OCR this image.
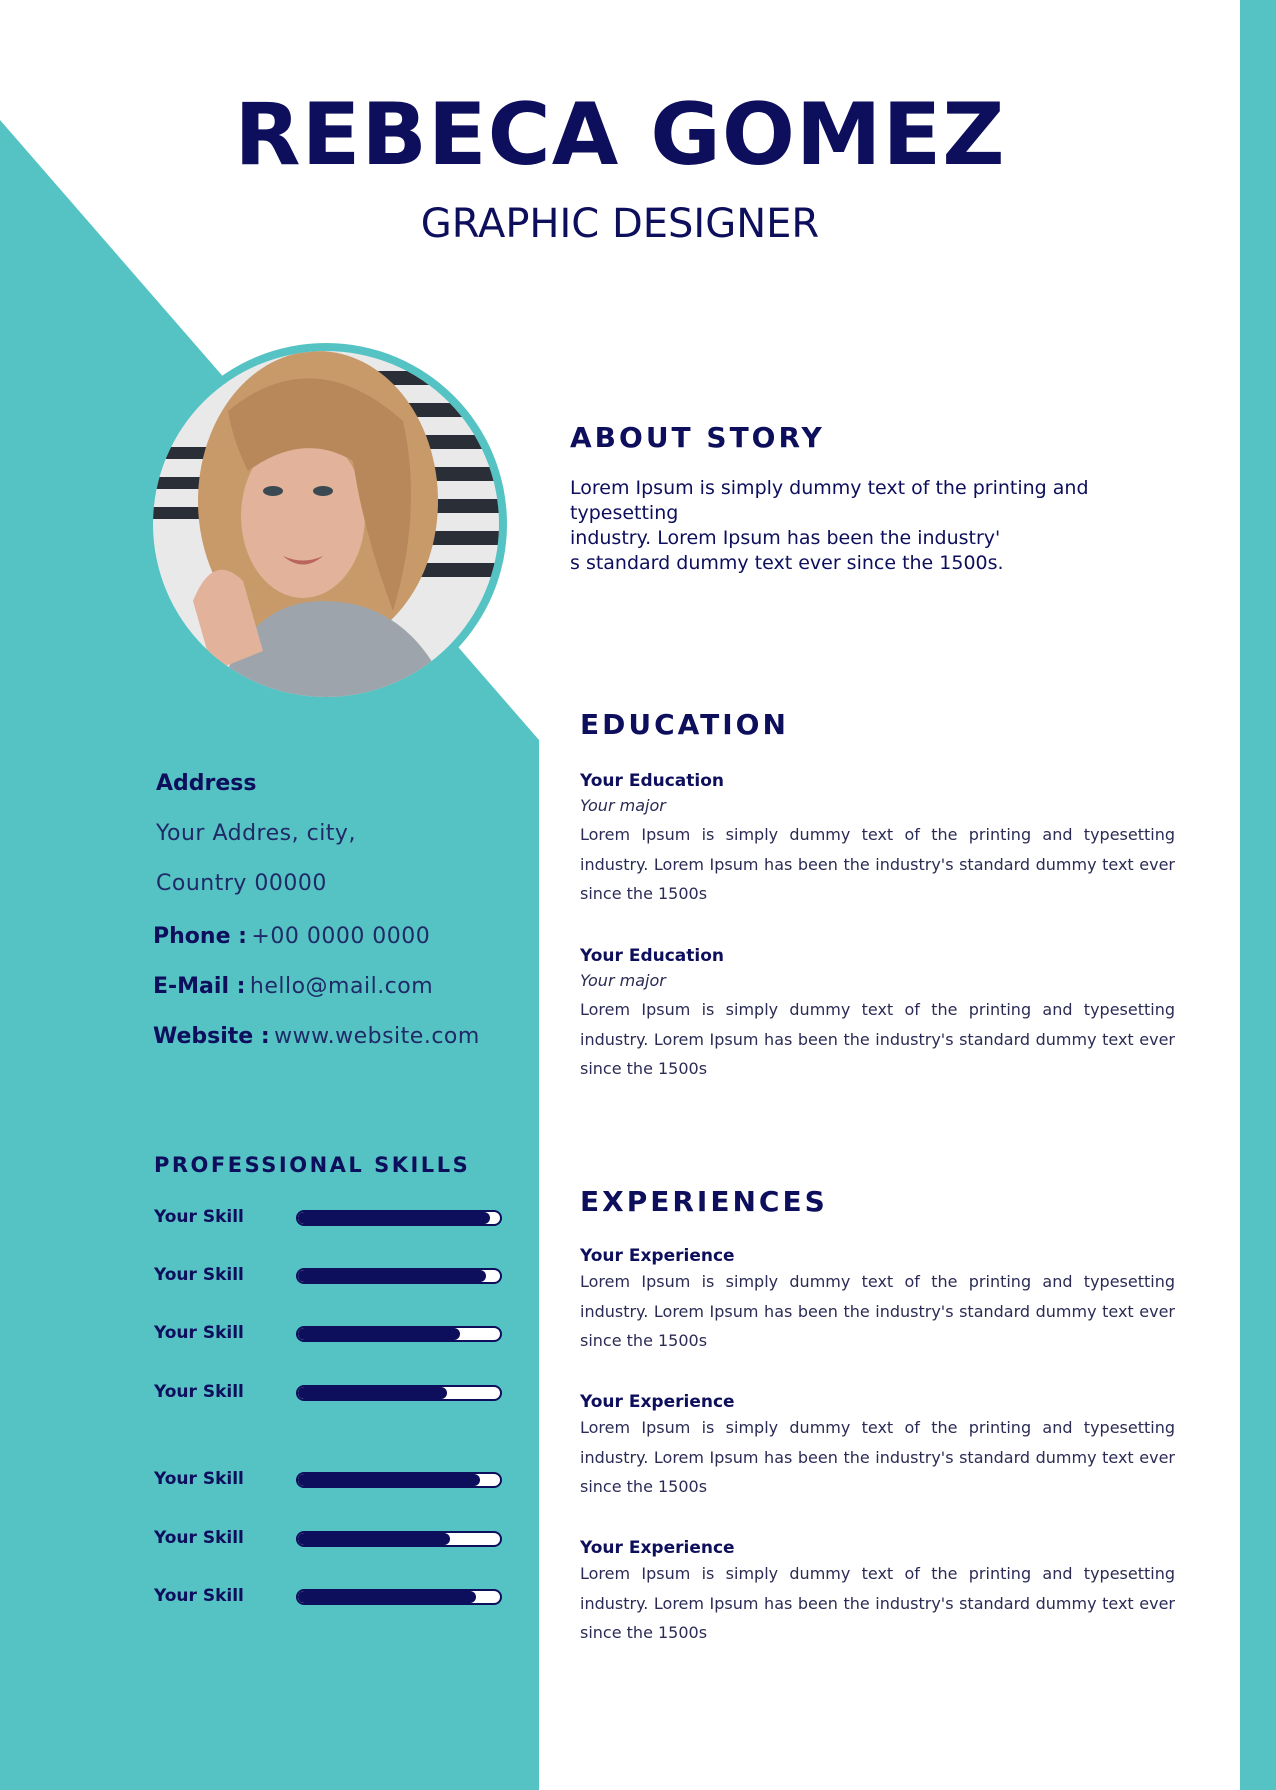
REBECA GOMEZ
GRAPHIC DESIGNER
ABOUT STORY
Lorem Ipsum is simply dummy text of the printing and typesetting
industry. Lorem Ipsum has been the industry'
s standard dummy text ever since the 1500s.
Address
Your Addres, city,
Country 00000
Phone : +00 0000 0000
E-Mail : hello@mail.com
Website : www.website.com
PROFESSIONAL SKILLS
Your Skill
Your Skill
Your Skill
Your Skill
Your Skill
Your Skill
Your Skill
EDUCATION
Your Education
Your major
Lorem Ipsum is simply dummy text of the printing and typesetting industry. Lorem Ipsum has been the industry's standard dummy text ever since the 1500s
Your Education
Your major
Lorem Ipsum is simply dummy text of the printing and typesetting industry. Lorem Ipsum has been the industry's standard dummy text ever since the 1500s
EXPERIENCES
Your Experience
Lorem Ipsum is simply dummy text of the printing and typesetting industry. Lorem Ipsum has been the industry's standard dummy text ever since the 1500s
Your Experience
Lorem Ipsum is simply dummy text of the printing and typesetting industry. Lorem Ipsum has been the industry's standard dummy text ever since the 1500s
Your Experience
Lorem Ipsum is simply dummy text of the printing and typesetting industry. Lorem Ipsum has been the industry's standard dummy text ever since the 1500s
